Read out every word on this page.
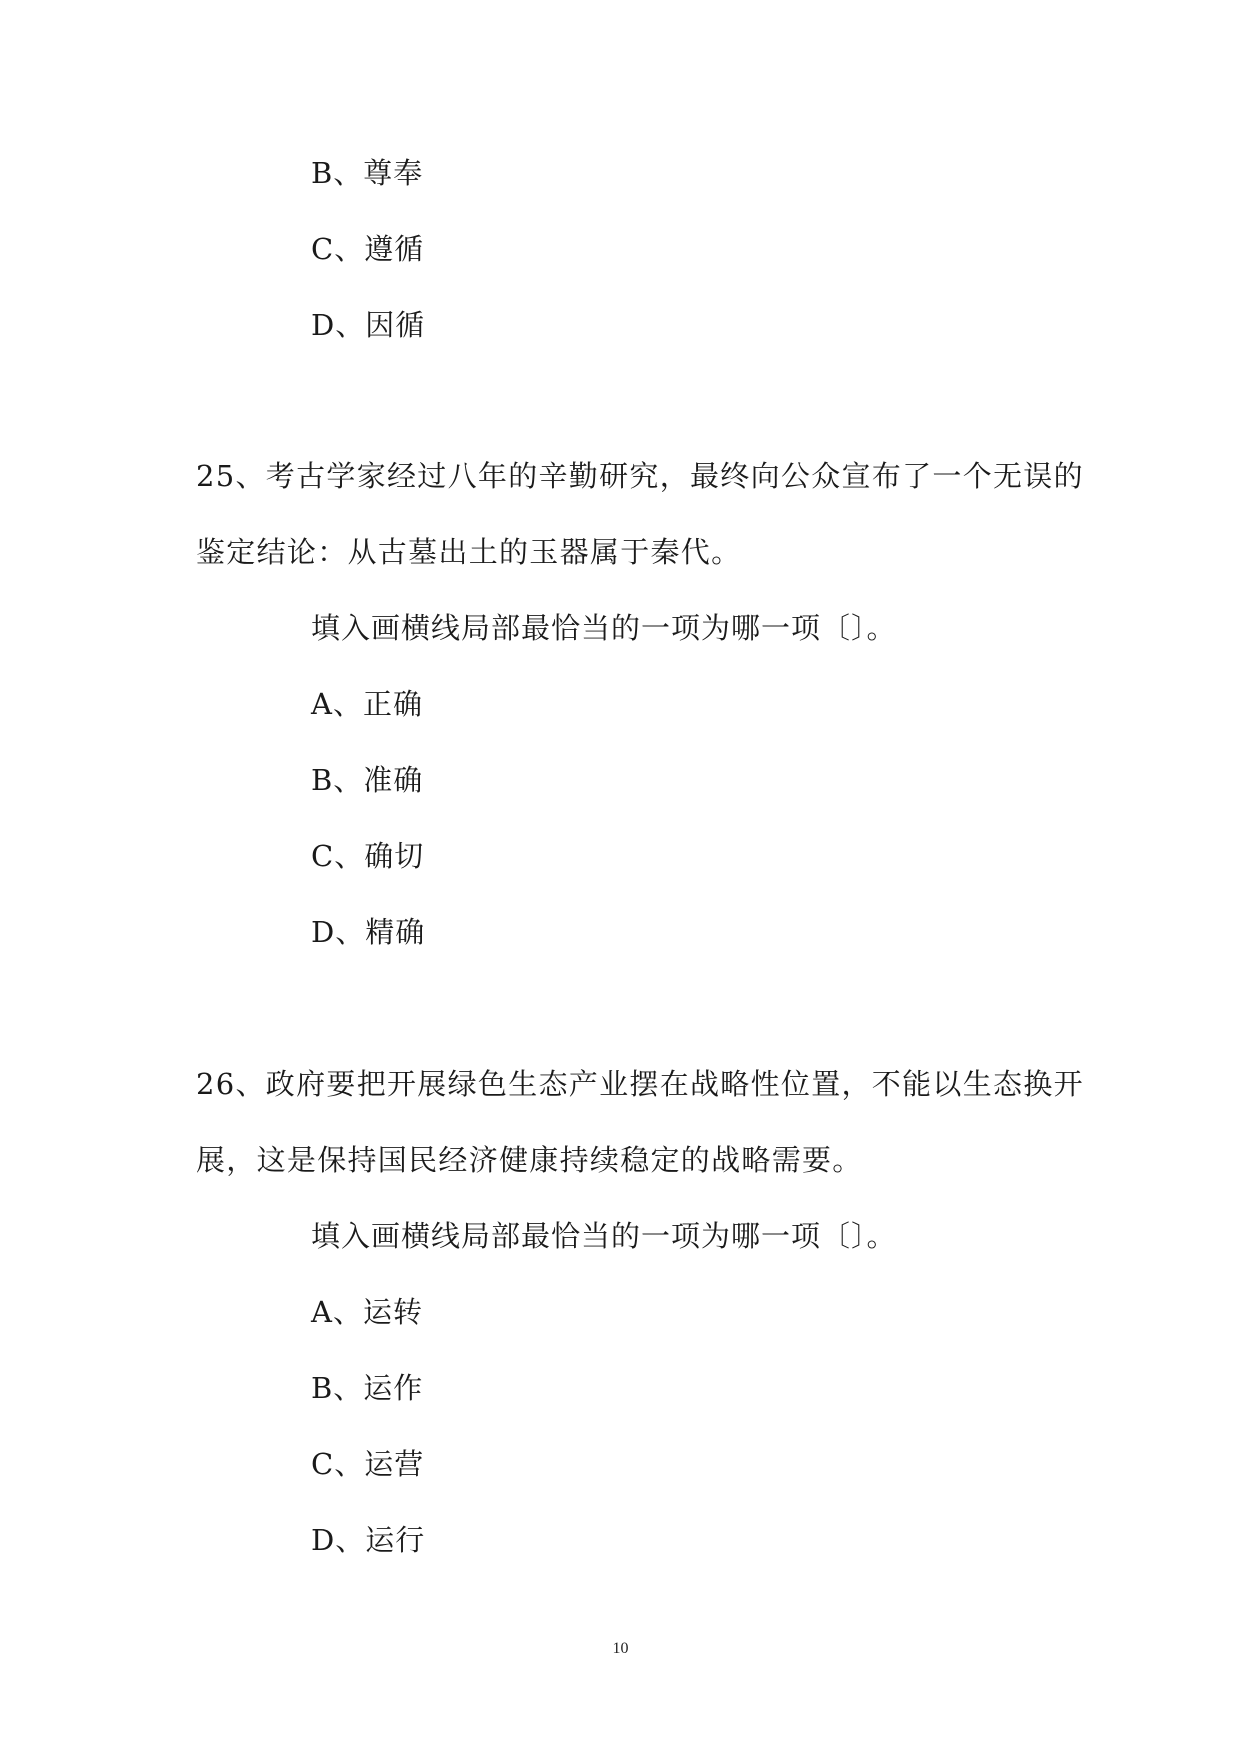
B、尊奉

C、遵循

D、因循

25、考古学家经过八年的辛勤研究，最终向公众宣布了一个无误的

鉴定结论：从古墓出土的玉器属于秦代。

填入画横线局部最恰当的一项为哪一项〔〕。

A、正确

B、准确

C、确切

D、精确

26、政府要把开展绿色生态产业摆在战略性位置，不能以生态换开

展，这是保持国民经济健康持续稳定的战略需要。

填入画横线局部最恰当的一项为哪一项〔〕。

A、运转

B、运作

C、运营

D、运行

10
